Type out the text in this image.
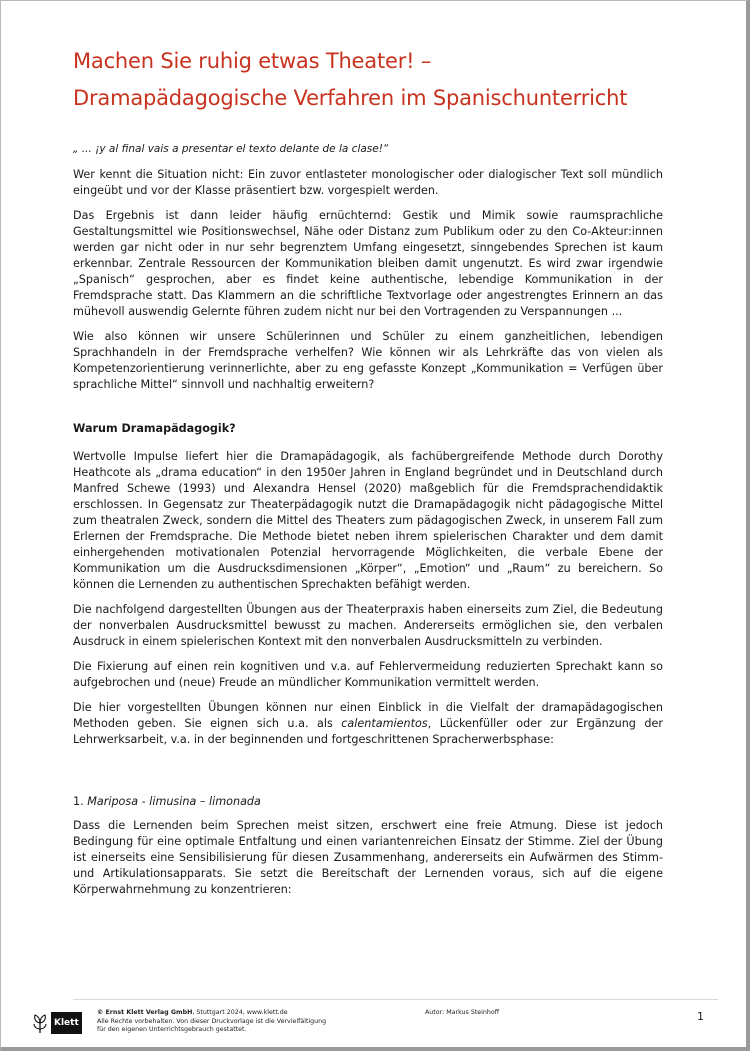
Machen Sie ruhig etwas Theater! –
Dramapädagogische Verfahren im Spanischunterricht

„ ... ¡y al final vais a presentar el texto delante de la clase!“

Wer kennt die Situation nicht: Ein zuvor entlasteter monologischer oder dialogischer Text soll mündlich eingeübt und vor der Klasse präsentiert bzw. vorgespielt werden.

Das Ergebnis ist dann leider häufig ernüchternd: Gestik und Mimik sowie raumsprachliche Gestaltungsmittel wie Positionswechsel, Nähe oder Distanz zum Publikum oder zu den Co-Akteur:innen werden gar nicht oder in nur sehr begrenztem Umfang eingesetzt, sinngebendes Sprechen ist kaum erkennbar. Zentrale Ressourcen der Kommunikation bleiben damit ungenutzt. Es wird zwar irgendwie „Spanisch“ gesprochen, aber es findet keine authentische, lebendige Kommunikation in der Fremdsprache statt. Das Klammern an die schriftliche Textvorlage oder angestrengtes Erinnern an das mühevoll auswendig Gelernte führen zudem nicht nur bei den Vortragenden zu Verspannungen ...

Wie also können wir unsere Schülerinnen und Schüler zu einem ganzheitlichen, lebendigen Sprachhandeln in der Fremdsprache verhelfen? Wie können wir als Lehrkräfte das von vielen als Kompetenzorientierung verinnerlichte, aber zu eng gefasste Konzept „Kommunikation = Verfügen über sprachliche Mittel“ sinnvoll und nachhaltig erweitern?

Warum Dramapädagogik?

Wertvolle Impulse liefert hier die Dramapädagogik, als fachübergreifende Methode durch Dorothy Heathcote als „drama education“ in den 1950er Jahren in England begründet und in Deutschland durch Manfred Schewe (1993) und Alexandra Hensel (2020) maßgeblich für die Fremdsprachendidaktik erschlossen. In Gegensatz zur Theaterpädagogik nutzt die Dramapädagogik nicht pädagogische Mittel zum theatralen Zweck, sondern die Mittel des Theaters zum pädagogischen Zweck, in unserem Fall zum Erlernen der Fremdsprache. Die Methode bietet neben ihrem spielerischen Charakter und dem damit einhergehenden motivationalen Potenzial hervorragende Möglichkeiten, die verbale Ebene der Kommunikation um die Ausdrucksdimensionen „Körper“, „Emotion“ und „Raum“ zu bereichern. So können die Lernenden zu authentischen Sprechakten befähigt werden.

Die nachfolgend dargestellten Übungen aus der Theaterpraxis haben einerseits zum Ziel, die Bedeutung der nonverbalen Ausdrucksmittel bewusst zu machen. Andererseits ermöglichen sie, den verbalen Ausdruck in einem spielerischen Kontext mit den nonverbalen Ausdrucksmitteln zu verbinden.

Die Fixierung auf einen rein kognitiven und v.a. auf Fehlervermeidung reduzierten Sprechakt kann so aufgebrochen und (neue) Freude an mündlicher Kommunikation vermittelt werden.

Die hier vorgestellten Übungen können nur einen Einblick in die Vielfalt der dramapädagogischen Methoden geben. Sie eignen sich u.a. als calentamientos, Lückenfüller oder zur Ergänzung der Lehrwerksarbeit, v.a. in der beginnenden und fortgeschrittenen Spracherwerbsphase:

1. Mariposa - limusina – limonada

Dass die Lernenden beim Sprechen meist sitzen, erschwert eine freie Atmung. Diese ist jedoch Bedingung für eine optimale Entfaltung und einen variantenreichen Einsatz der Stimme. Ziel der Übung ist einerseits eine Sensibilisierung für diesen Zusammenhang, andererseits ein Aufwärmen des Stimm- und Artikulationsapparats. Sie setzt die Bereitschaft der Lernenden voraus, sich auf die eigene Körperwahrnehmung zu konzentrieren:

Klett
© Ernst Klett Verlag GmbH, Stuttgart 2024, www.klett.de
Alle Rechte vorbehalten. Von dieser Druckvorlage ist die Vervielfältigung
für den eigenen Unterrichtsgebrauch gestattet.
Autor: Markus Steinhoff	1
